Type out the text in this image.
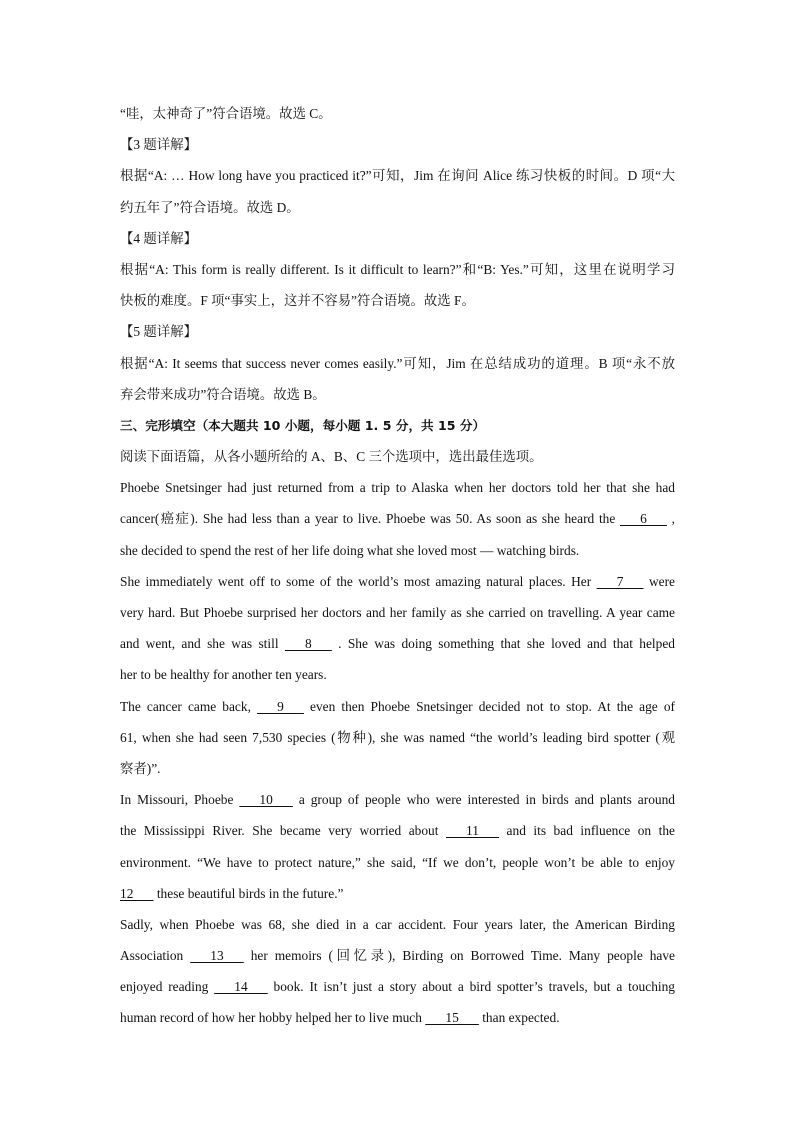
“哇，太神奇了”符合语境。故选 C。
【3 题详解】
根据“A: … How long have you practiced it?”可知，Jim 在询问 Alice 练习快板的时间。D 项“大
约五年了”符合语境。故选 D。
【4 题详解】
根据“A: This form is really different. Is it difficult to learn?”和“B: Yes.”可知，这里在说明学习
快板的难度。F 项“事实上，这并不容易”符合语境。故选 F。
【5 题详解】
根据“A: It seems that success never comes easily.”可知，Jim 在总结成功的道理。B 项“永不放
弃会带来成功”符合语境。故选 B。
三、完形填空（本大题共 10 小题，每小题 1. 5 分，共 15 分）
阅读下面语篇，从各小题所给的 A、B、C 三个选项中，选出最佳选项。
Phoebe Snetsinger had just returned from a trip to Alaska when her doctors told her that she had
cancer(癌症). She had less than a year to live. Phoebe was 50. As soon as she heard the       6       ,
she decided to spend the rest of her life doing what she loved most — watching birds.
She immediately went off to some of the world’s most amazing natural places. Her       7       were
very hard. But Phoebe surprised her doctors and her family as she carried on travelling. A year came
and went, and she was still       8       . She was doing something that she loved and that helped
her to be healthy for another ten years.
The cancer came back,       9       even then Phoebe Snetsinger decided not to stop. At the age of
61, when she had seen 7,530 species (物种), she was named “the world’s leading bird spotter (观
察者)”.
In Missouri, Phoebe       10       a group of people who were interested in birds and plants around
the Mississippi River. She became very worried about       11       and its bad influence on the
environment. “We have to protect nature,” she said, “If we don’t, people won’t be able to enjoy
12       these beautiful birds in the future.”
Sadly, when Phoebe was 68, she died in a car accident. Four years later, the American Birding
Association       13       her memoirs (回忆录), Birding on Borrowed Time. Many people have
enjoyed reading       14       book. It isn’t just a story about a bird spotter’s travels, but a touching
human record of how her hobby helped her to live much       15       than expected.
